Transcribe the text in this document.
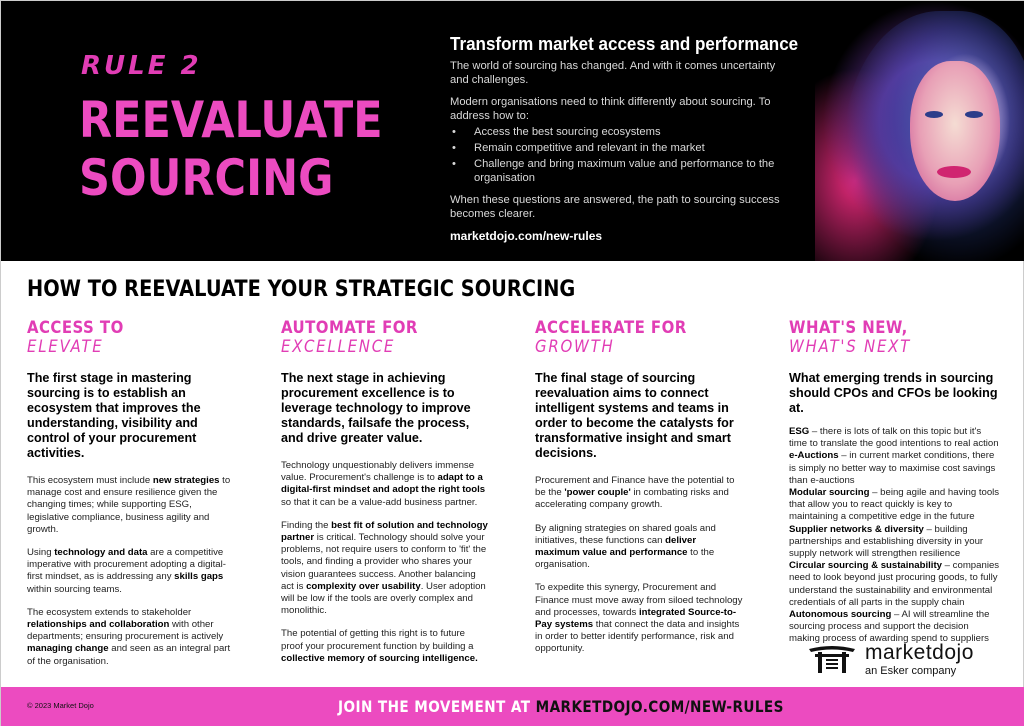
RULE 2
REEVALUATE
SOURCING
Transform market access and performance

The world of sourcing has changed. And with it comes uncertainty and challenges.

Modern organisations need to think differently about sourcing. To address how to:

• Access the best sourcing ecosystems
• Remain competitive and relevant in the market
• Challenge and bring maximum value and performance to the organisation

When these questions are answered, the path to sourcing success becomes clearer.

marketdojo.com/new-rules
HOW TO REEVALUATE YOUR STRATEGIC SOURCING
ACCESS TO
ELEVATE
The first stage in mastering sourcing is to establish an ecosystem that improves the understanding, visibility and control of your procurement activities.

This ecosystem must include new strategies to manage cost and ensure resilience given the changing times; while supporting ESG, legislative compliance, business agility and growth.

Using technology and data are a competitive imperative with procurement adopting a digital-first mindset, as is addressing any skills gaps within sourcing teams.

The ecosystem extends to stakeholder relationships and collaboration with other departments; ensuring procurement is actively managing change and seen as an integral part of the organisation.

AUTOMATE FOR
EXCELLENCE
The next stage in achieving procurement excellence is to leverage technology to improve standards, failsafe the process, and drive greater value.

Technology unquestionably delivers immense value. Procurement's challenge is to adapt to a digital-first mindset and adopt the right tools so that it can be a value-add business partner.

Finding the best fit of solution and technology partner is critical. Technology should solve your problems, not require users to conform to 'fit' the tools, and finding a provider who shares your vision guarantees success. Another balancing act is complexity over usability. User adoption will be low if the tools are overly complex and monolithic.

The potential of getting this right is to future proof your procurement function by building a collective memory of sourcing intelligence.

ACCELERATE FOR
GROWTH
The final stage of sourcing reevaluation aims to connect intelligent systems and teams in order to become the catalysts for transformative insight and smart decisions.

Procurement and Finance have the potential to be the 'power couple' in combating risks and accelerating company growth.

By aligning strategies on shared goals and initiatives, these functions can deliver maximum value and performance to the organisation.

To expedite this synergy, Procurement and Finance must move away from siloed technology and processes, towards integrated Source-to-Pay systems that connect the data and insights in order to better identify performance, risk and opportunity.

WHAT'S NEW,
WHAT'S NEXT
What emerging trends in sourcing should CPOs and CFOs be looking at.

ESG – there is lots of talk on this topic but it's time to translate the good intentions to real action

e-Auctions – in current market conditions, there is simply no better way to maximise cost savings than e-auctions

Modular sourcing – being agile and having tools that allow you to react quickly is key to maintaining a competitive edge in the future

Supplier networks & diversity – building partnerships and establishing diversity in your supply network will strengthen resilience

Circular sourcing & sustainability – companies need to look beyond just procuring goods, to fully understand the sustainability and environmental credentials of all parts in the supply chain

Autonomous sourcing – AI will streamline the sourcing process and support the decision making process of awarding spend to suppliers

marketdojo
an Esker company
© 2023 Market Dojo	JOIN THE MOVEMENT AT MARKETDOJO.COM/NEW-RULES
